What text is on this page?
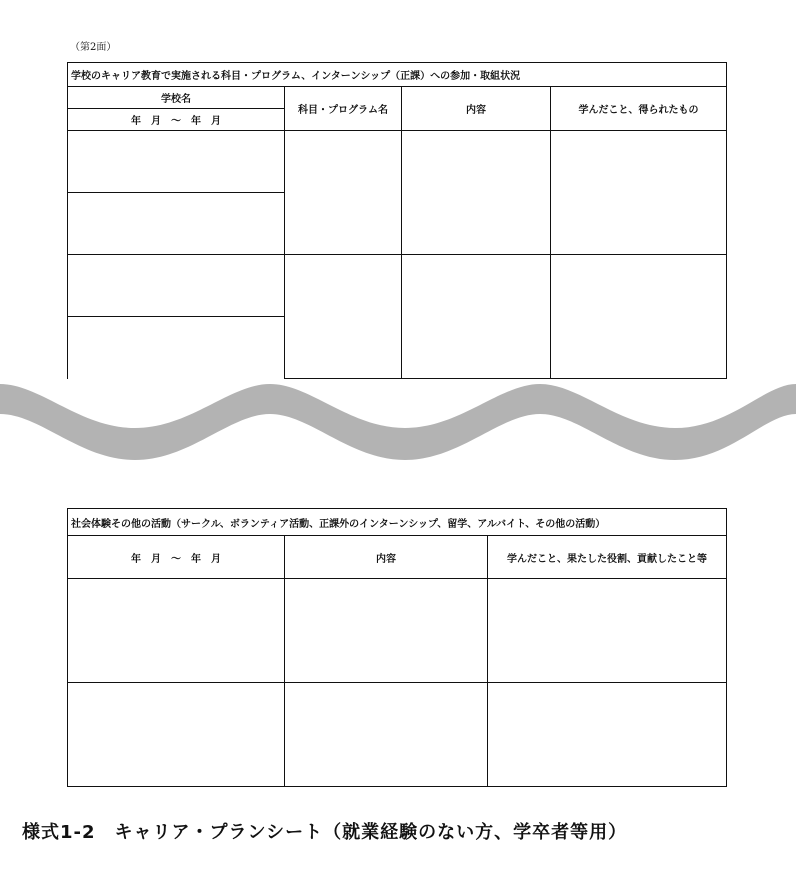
（第2面）
学校のキャリア教育で実施される科目・プログラム、インターンシップ（正課）への参加・取組状況			
学校名	科目・プログラム名	内容	学んだこと、得られたもの
年　月　～　年　月			

社会体験その他の活動（サークル、ボランティア活動、正課外のインターンシップ、留学、アルバイト、その他の活動）		
年　月　～　年　月	内容	学んだこと、果たした役割、貢献したこと等

様式1-2　キャリア・プランシート（就業経験のない方、学卒者等用）
